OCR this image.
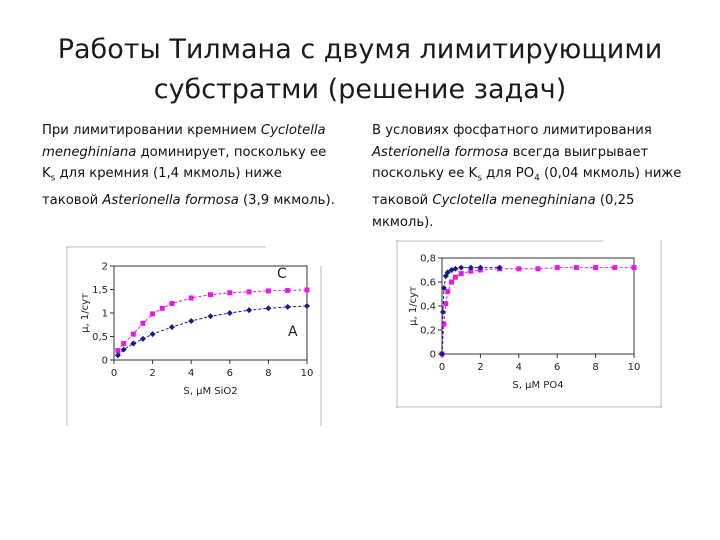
Работы Тилмана с двумя лимитирующими субстратми (решение задач)
При лимитировании кремнием Cyclotella meneghiniana доминирует, поскольку ее $K_s$ для кремния (1,4 мкмоль) ниже таковой Asterionella formosa (3,9 мкмоль).
В условиях фосфатного лимитирования Asterionella formosa всегда выигрывает поскольку ее $K_s$ для $PO_4$ (0,04 мкмоль) ниже таковой Cyclotella meneghiniana (0,25 мкмоль).
0
0,5
1
1,5
2
0	2	4	6	8	10
μ, 1/сут
S, μM SiO2
C
A
0
0,2
0,4
0,6
0,8
0	2	4	6	8	10
μ, 1/сут
S, μM PO4
